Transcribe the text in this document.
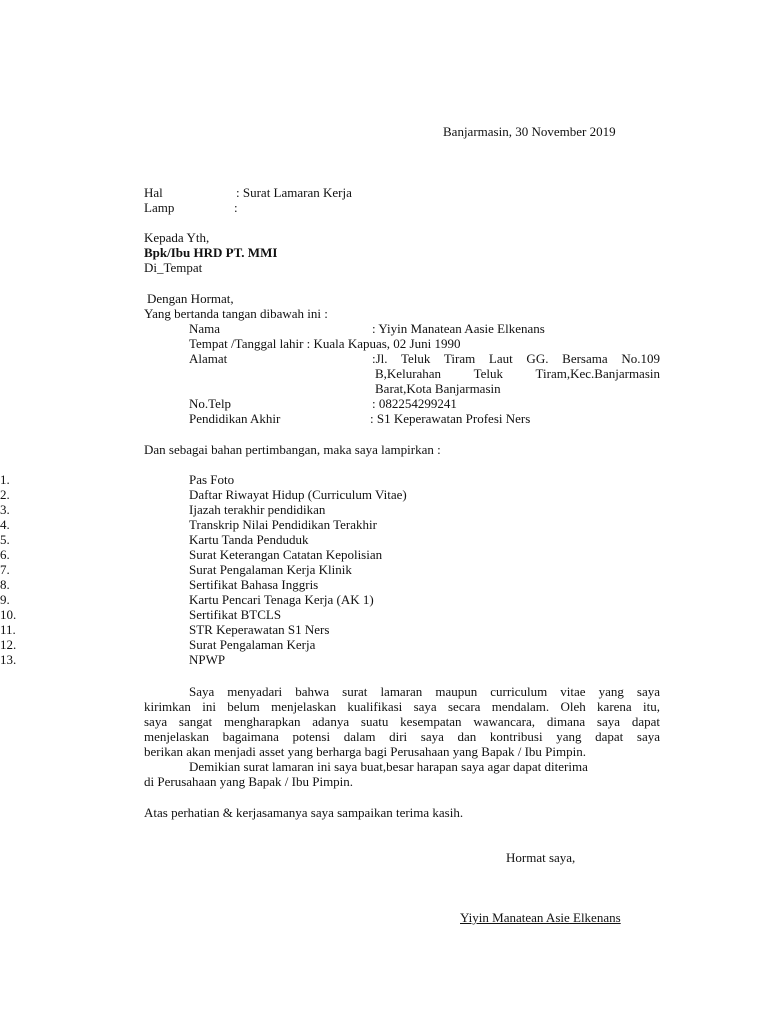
Banjarmasin, 30 November 2019
Hal	: Surat Lamaran Kerja
Lamp	:
Kepada Yth,
Bpk/Ibu HRD PT. MMI
Di_Tempat
Dengan Hormat,
Yang bertanda tangan dibawah ini :
Nama	: Yiyin Manatean Aasie Elkenans
Tempat /Tanggal lahir : Kuala Kapuas, 02 Juni 1990
Alamat	:Jl. Teluk Tiram Laut GG. Bersama No.109
B,Kelurahan Teluk Tiram,Kec.Banjarmasin
Barat,Kota Banjarmasin
No.Telp	: 082254299241
Pendidikan Akhir	: S1 Keperawatan Profesi Ners
Dan sebagai bahan pertimbangan, maka saya lampirkan :
1.	Pas Foto
2.	Daftar Riwayat Hidup (Curriculum Vitae)
3.	Ijazah terakhir pendidikan
4.	Transkrip Nilai Pendidikan Terakhir
5.	Kartu Tanda Penduduk
6.	Surat Keterangan Catatan Kepolisian
7.	Surat Pengalaman Kerja Klinik
8.	Sertifikat Bahasa Inggris
9.	Kartu Pencari Tenaga Kerja (AK 1)
10.	Sertifikat BTCLS
11.	STR Keperawatan S1 Ners
12.	Surat Pengalaman Kerja
13.	NPWP
Saya menyadari bahwa surat lamaran maupun curriculum vitae yang saya
kirimkan ini belum menjelaskan kualifikasi saya secara mendalam. Oleh karena itu,
saya sangat mengharapkan adanya suatu kesempatan wawancara, dimana saya dapat
menjelaskan bagaimana potensi dalam diri saya dan kontribusi yang dapat saya
berikan akan menjadi asset yang berharga bagi Perusahaan yang Bapak / Ibu Pimpin.
Demikian surat lamaran ini saya buat,besar harapan saya agar dapat diterima
di Perusahaan yang Bapak / Ibu Pimpin.
Atas perhatian & kerjasamanya saya sampaikan terima kasih.
Hormat saya,
Yiyin Manatean Asie Elkenans
